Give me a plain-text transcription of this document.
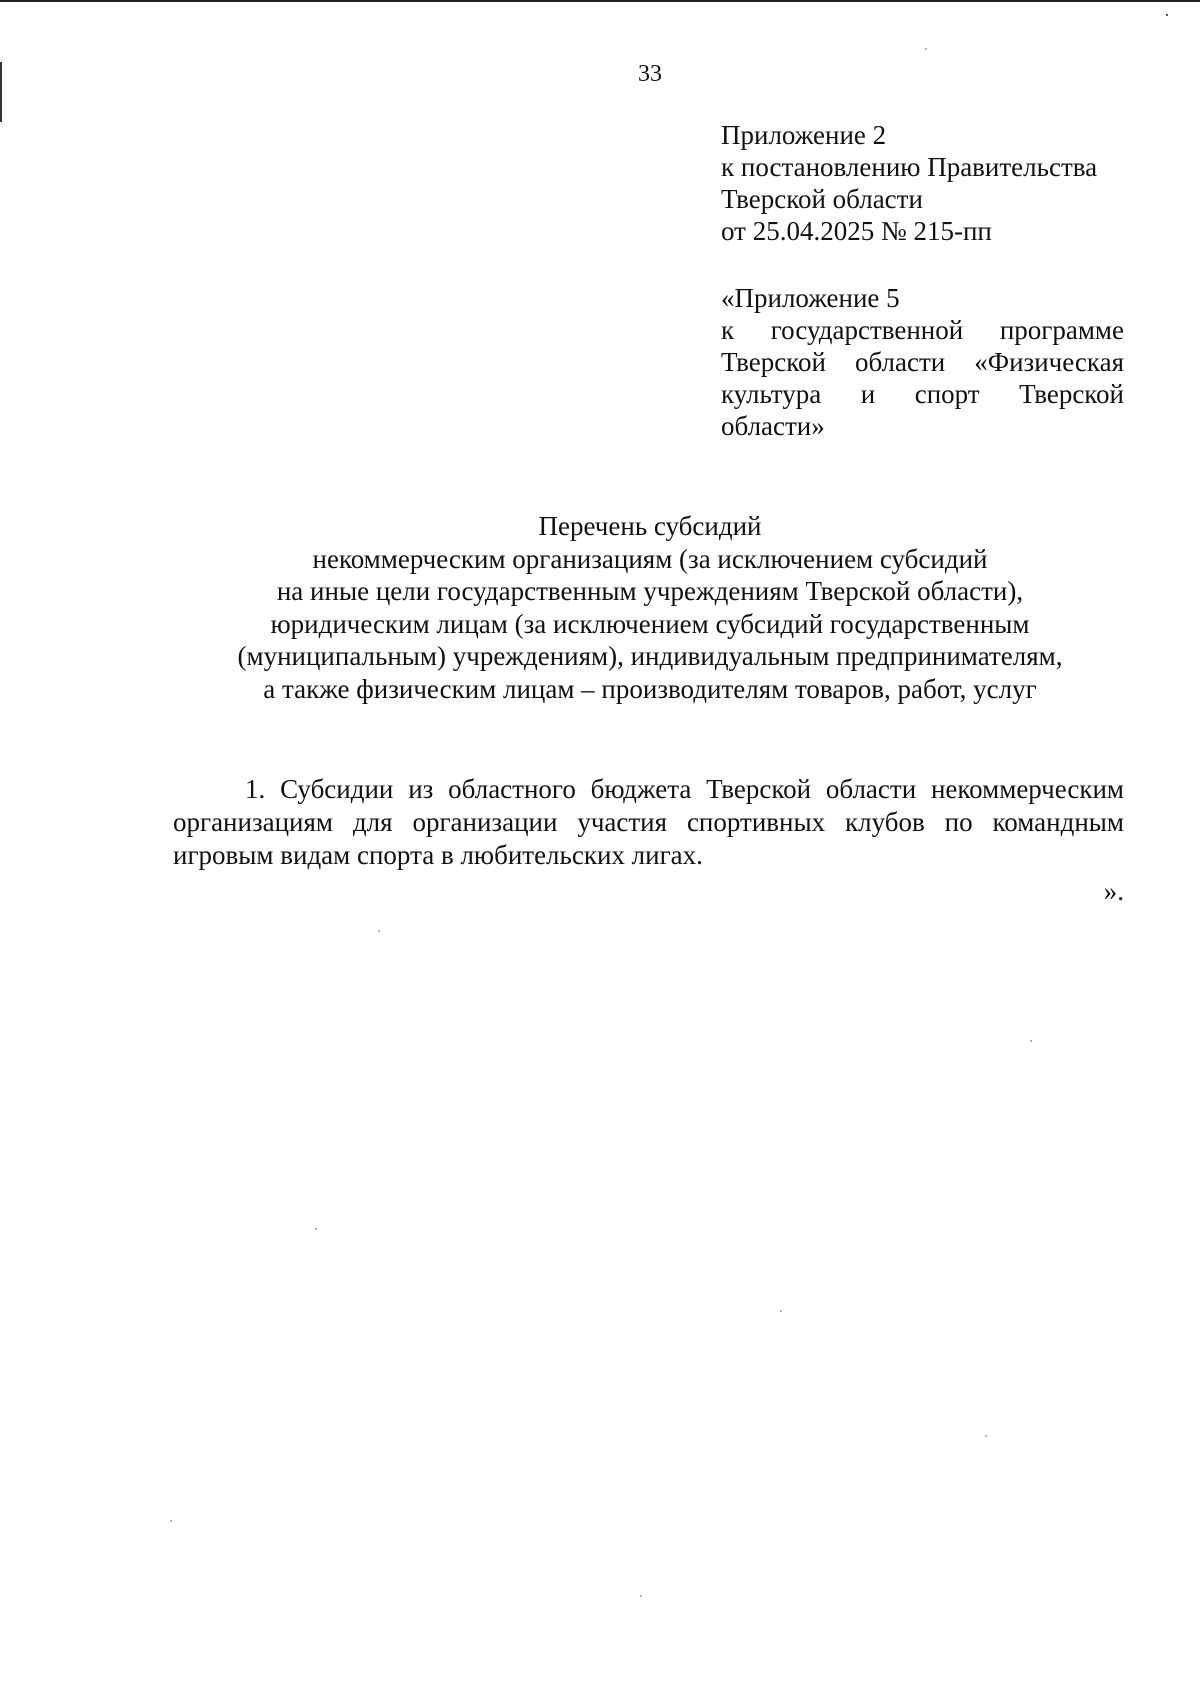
33
Приложение 2
к постановлению Правительства
Тверской области
от 25.04.2025 № 215-пп
«Приложение 5
к государственной программе Тверской области «Физическая культура и спорт Тверской
области»
Перечень субсидий
некоммерческим организациям (за исключением субсидий
на иные цели государственным учреждениям Тверской области),
юридическим лицам (за исключением субсидий государственным
(муниципальным) учреждениям), индивидуальным предпринимателям,
а также физическим лицам – производителям товаров, работ, услуг
1. Субсидии из областного бюджета Тверской области некоммерческим организациям для организации участия спортивных клубов по командным игровым видам спорта в любительских лигах.
».
